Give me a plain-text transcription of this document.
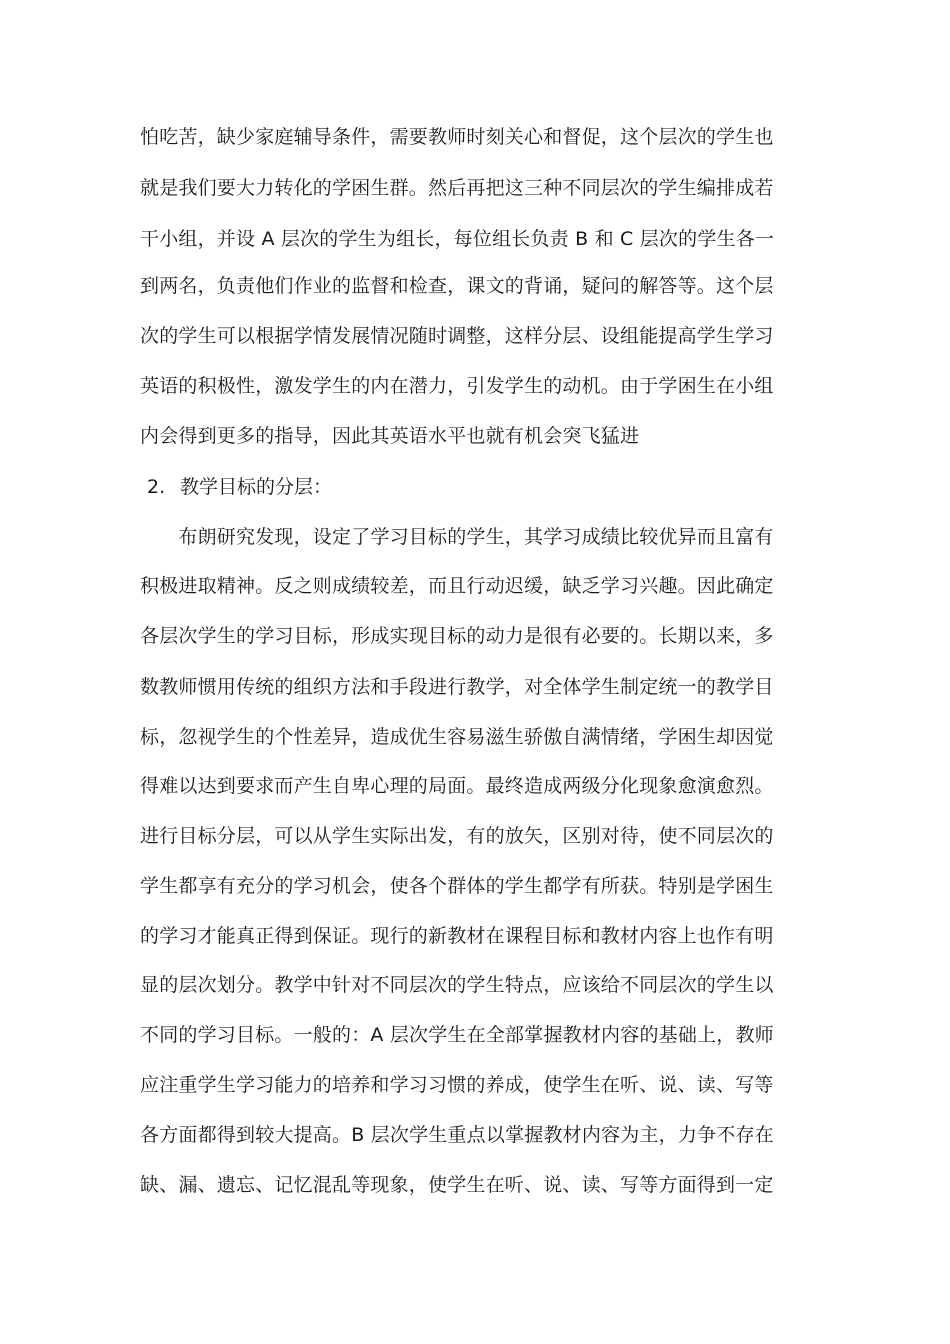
怕吃苦，缺少家庭辅导条件，需要教师时刻关心和督促，这个层次的学生也
就是我们要大力转化的学困生群。然后再把这三种不同层次的学生编排成若
干小组，并设 A 层次的学生为组长，每位组长负责 B 和 C 层次的学生各一
到两名，负责他们作业的监督和检查，课文的背诵，疑问的解答等。这个层
次的学生可以根据学情发展情况随时调整，这样分层、设组能提高学生学习
英语的积极性，激发学生的内在潜力，引发学生的动机。由于学困生在小组
内会得到更多的指导，因此其英语水平也就有机会突飞猛进
2. 教学目标的分层：
　　布朗研究发现，设定了学习目标的学生，其学习成绩比较优异而且富有
积极进取精神。反之则成绩较差，而且行动迟缓，缺乏学习兴趣。因此确定
各层次学生的学习目标，形成实现目标的动力是很有必要的。长期以来，多
数教师惯用传统的组织方法和手段进行教学，对全体学生制定统一的教学目
标，忽视学生的个性差异，造成优生容易滋生骄傲自满情绪，学困生却因觉
得难以达到要求而产生自卑心理的局面。最终造成两级分化现象愈演愈烈。
进行目标分层，可以从学生实际出发，有的放矢，区别对待，使不同层次的
学生都享有充分的学习机会，使各个群体的学生都学有所获。特别是学困生
的学习才能真正得到保证。现行的新教材在课程目标和教材内容上也作有明
显的层次划分。教学中针对不同层次的学生特点，应该给不同层次的学生以
不同的学习目标。一般的：A 层次学生在全部掌握教材内容的基础上，教师
应注重学生学习能力的培养和学习习惯的养成，使学生在听、说、读、写等
各方面都得到较大提高。B 层次学生重点以掌握教材内容为主，力争不存在
缺、漏、遗忘、记忆混乱等现象，使学生在听、说、读、写等方面得到一定
